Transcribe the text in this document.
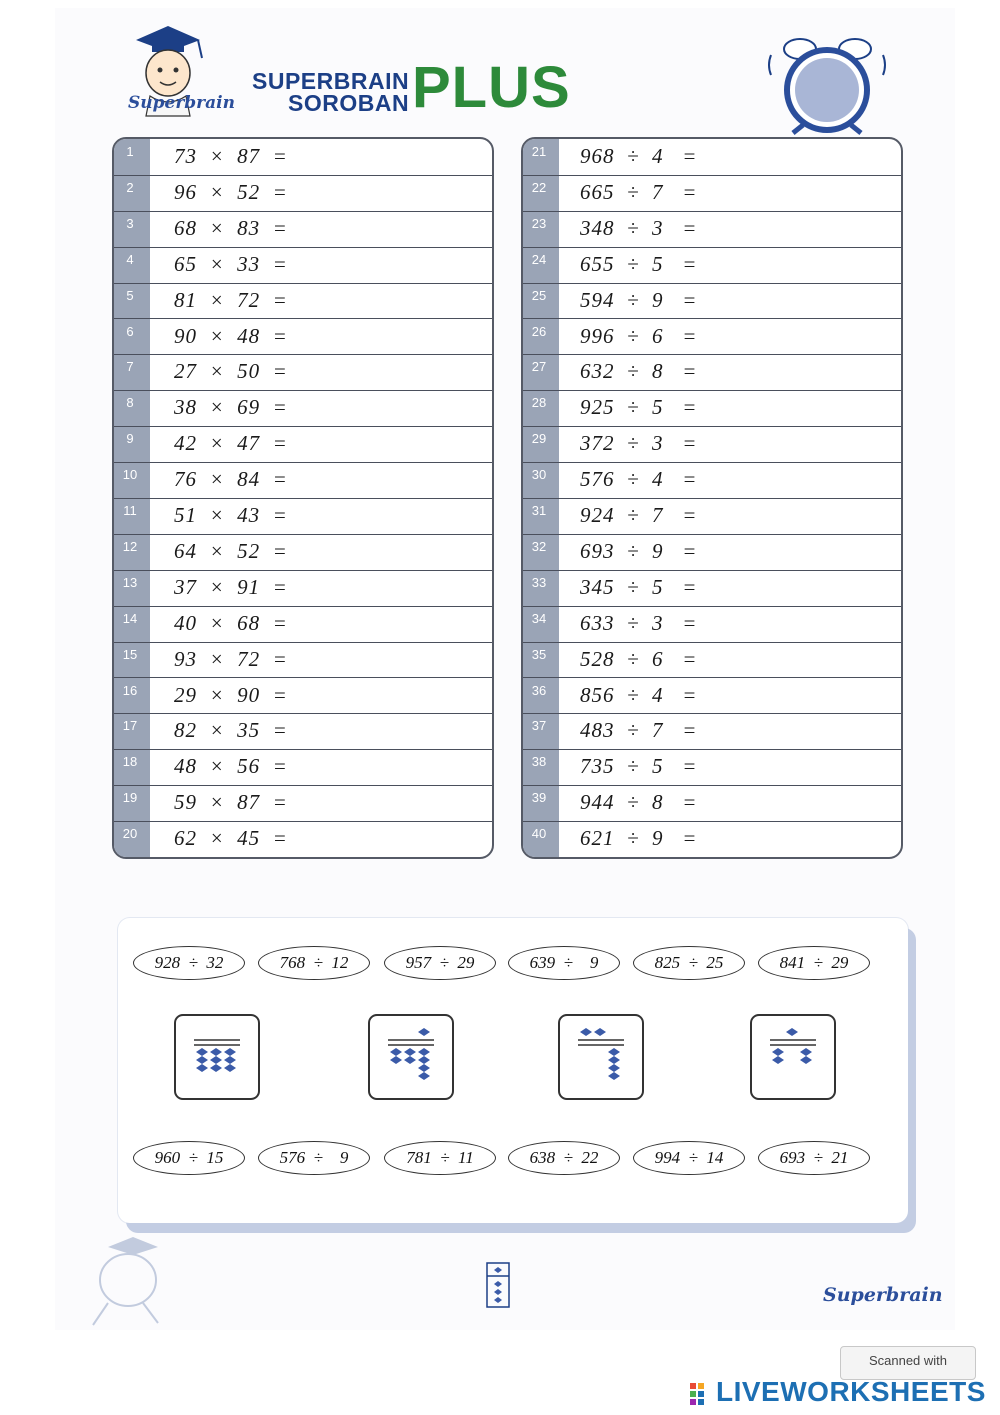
Superbrain
SUPERBRAIN
SOROBAN PLUS
1	73  ×  87  =
2	96  ×  52  =
3	68  ×  83  =
4	65  ×  33  =
5	81  ×  72  =
6	90  ×  48  =
7	27  ×  50  =
8	38  ×  69  =
9	42  ×  47  =
10	76  ×  84  =
11	51  ×  43  =
12	64  ×  52  =
13	37  ×  91  =
14	40  ×  68  =
15	93  ×  72  =
16	29  ×  90  =
17	82  ×  35  =
18	48  ×  56  =
19	59  ×  87  =
20	62  ×  45  =
21	968  ÷  4   =
22	665  ÷  7   =
23	348  ÷  3   =
24	655  ÷  5   =
25	594  ÷  9   =
26	996  ÷  6   =
27	632  ÷  8   =
28	925  ÷  5   =
29	372  ÷  3   =
30	576  ÷  4   =
31	924  ÷  7   =
32	693  ÷  9   =
33	345  ÷  5   =
34	633  ÷  3   =
35	528  ÷  6   =
36	856  ÷  4   =
37	483  ÷  7   =
38	735  ÷  5   =
39	944  ÷  8   =
40	621  ÷  9   =
928  ÷  32	768  ÷  12	957  ÷  29	639  ÷    9	825  ÷  25	841  ÷  29
960  ÷  15	576  ÷    9	781  ÷  11	638  ÷  22	994  ÷  14	693  ÷  21
Superbrain
Scanned with
LIVEWORKSHEETS
